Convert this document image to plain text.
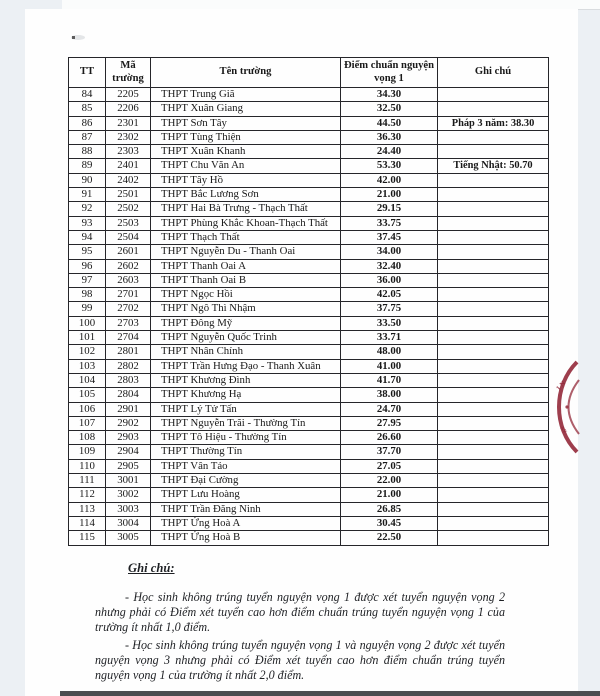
TT	Mã trường	Tên trường	Điểm chuẩn nguyện vọng 1	Ghi chú
84	2205	THPT Trung Giã	34.30	
85	2206	THPT Xuân Giang	32.50	
86	2301	THPT Sơn Tây	44.50	Pháp 3 năm: 38.30
87	2302	THPT Tùng Thiện	36.30	
88	2303	THPT Xuân Khanh	24.40	
89	2401	THPT Chu Văn An	53.30	Tiếng Nhật: 50.70
90	2402	THPT Tây Hồ	42.00	
91	2501	THPT Bắc Lương Sơn	21.00	
92	2502	THPT Hai Bà Trưng - Thạch Thất	29.15	
93	2503	THPT Phùng Khắc Khoan-Thạch Thất	33.75	
94	2504	THPT Thạch Thất	37.45	
95	2601	THPT Nguyễn Du - Thanh Oai	34.00	
96	2602	THPT Thanh Oai A	32.40	
97	2603	THPT Thanh Oai B	36.00	
98	2701	THPT Ngọc Hồi	42.05	
99	2702	THPT Ngô Thì Nhậm	37.75	
100	2703	THPT Đông Mỹ	33.50	
101	2704	THPT Nguyễn Quốc Trinh	33.71	
102	2801	THPT Nhân Chính	48.00	
103	2802	THPT Trần Hưng Đạo - Thanh Xuân	41.00	
104	2803	THPT Khương Đình	41.70	
105	2804	THPT Khương Hạ	38.00	
106	2901	THPT Lý Tử Tấn	24.70	
107	2902	THPT Nguyễn Trãi - Thường Tín	27.95	
108	2903	THPT Tô Hiệu - Thường Tín	26.60	
109	2904	THPT Thường Tín	37.70	
110	2905	THPT Vân Tảo	27.05	
111	3001	THPT Đại Cường	22.00	
112	3002	THPT Lưu Hoàng	21.00	
113	3003	THPT Trần Đăng Ninh	26.85	
114	3004	THPT Ứng Hoà A	30.45	
115	3005	THPT Ứng Hoà B	22.50	
1 N
ᴀʏ

Ghi chú:

- Học sinh không trúng tuyển nguyện vọng 1 được xét tuyển nguyện vọng 2 nhưng phải có Điểm xét tuyển cao hơn điểm chuẩn trúng tuyển nguyện vọng 1 của trường ít nhất 1,0 điểm.

- Học sinh không trúng tuyển nguyện vọng 1 và nguyện vọng 2 được xét tuyển nguyện vọng 3 nhưng phải có Điểm xét tuyển cao hơn điểm chuẩn trúng tuyển nguyện vọng 1 của trường ít nhất 2,0 điểm.
